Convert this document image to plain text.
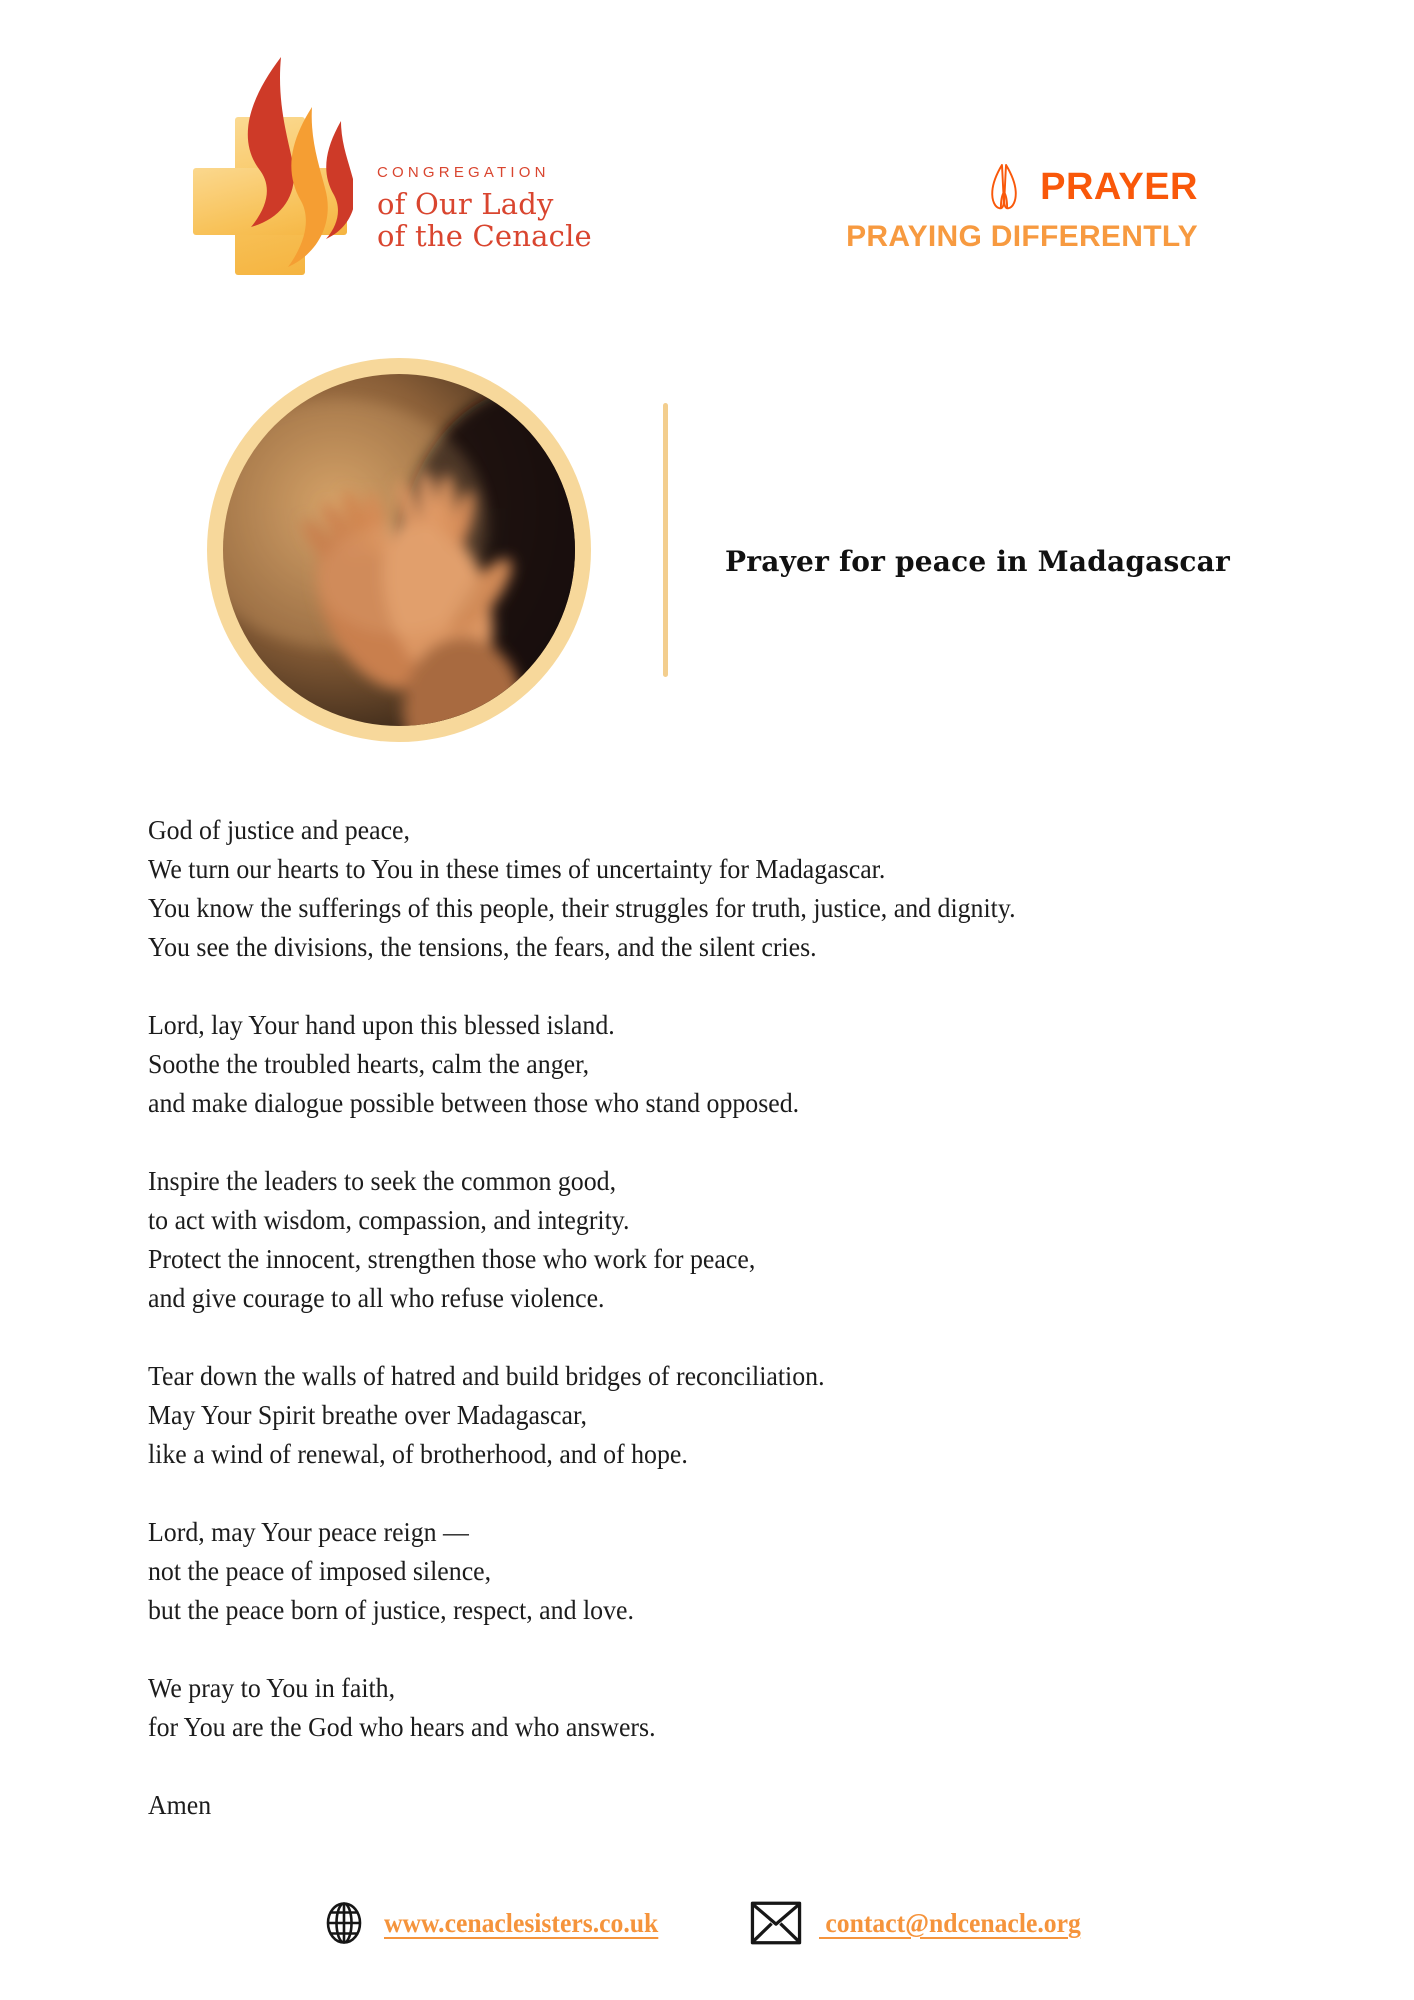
CONGREGATION
of Our Lady
of the Cenacle
PRAYER
PRAYING DIFFERENTLY
Prayer for peace in Madagascar
God of justice and peace,
We turn our hearts to You in these times of uncertainty for Madagascar.
You know the sufferings of this people, their struggles for truth, justice, and dignity.
You see the divisions, the tensions, the fears, and the silent cries.
Lord, lay Your hand upon this blessed island.
Soothe the troubled hearts, calm the anger,
and make dialogue possible between those who stand opposed.
Inspire the leaders to seek the common good,
to act with wisdom, compassion, and integrity.
Protect the innocent, strengthen those who work for peace,
and give courage to all who refuse violence.
Tear down the walls of hatred and build bridges of reconciliation.
May Your Spirit breathe over Madagascar,
like a wind of renewal, of brotherhood, and of hope.
Lord, may Your peace reign —
not the peace of imposed silence,
but the peace born of justice, respect, and love.
We pray to You in faith,
for You are the God who hears and who answers.
Amen
www.cenaclesisters.co.uk	contact@ndcenacle.org
